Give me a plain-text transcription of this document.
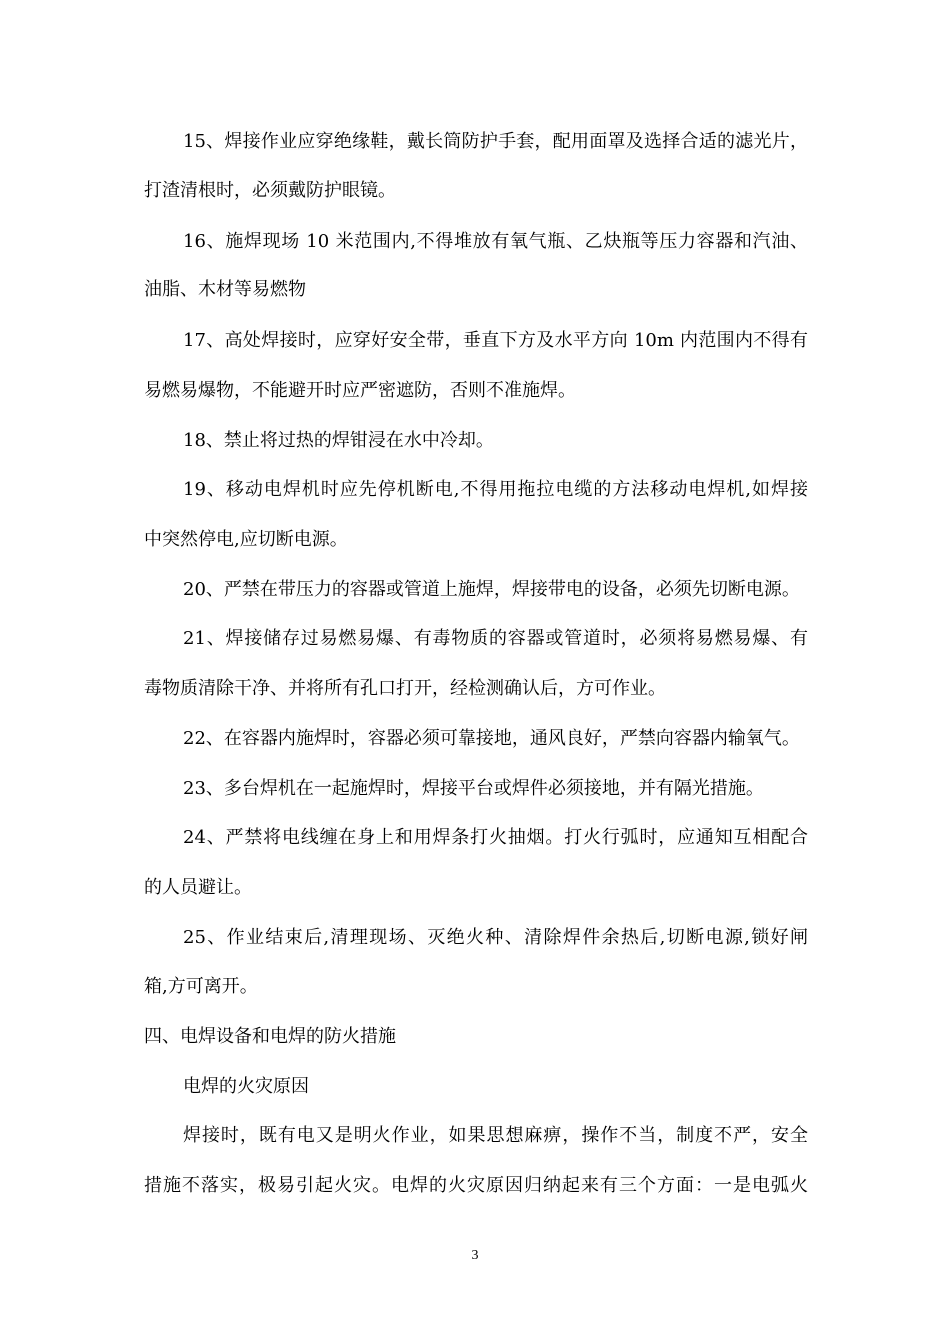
15、焊接作业应穿绝缘鞋，戴长筒防护手套，配用面罩及选择合适的滤光片，
打渣清根时，必须戴防护眼镜。
16、施焊现场 10 米范围内,不得堆放有氧气瓶、乙炔瓶等压力容器和汽油、
油脂、木材等易燃物
17、高处焊接时，应穿好安全带，垂直下方及水平方向 10m 内范围内不得有
易燃易爆物，不能避开时应严密遮防，否则不准施焊。
18、禁止将过热的焊钳浸在水中冷却。
19、移动电焊机时应先停机断电,不得用拖拉电缆的方法移动电焊机,如焊接
中突然停电,应切断电源。
20、严禁在带压力的容器或管道上施焊，焊接带电的设备，必须先切断电源。
21、焊接储存过易燃易爆、有毒物质的容器或管道时，必须将易燃易爆、有
毒物质清除干净、并将所有孔口打开，经检测确认后，方可作业。
22、在容器内施焊时，容器必须可靠接地，通风良好，严禁向容器内输氧气。
23、多台焊机在一起施焊时，焊接平台或焊件必须接地，并有隔光措施。
24、严禁将电线缠在身上和用焊条打火抽烟。打火行弧时，应通知互相配合
的人员避让。
25、作业结束后,清理现场、灭绝火种、清除焊件余热后,切断电源,锁好闸
箱,方可离开。
四、电焊设备和电焊的防火措施
电焊的火灾原因
焊接时，既有电又是明火作业，如果思想麻痹，操作不当，制度不严，安全
措施不落实，极易引起火灾。电焊的火灾原因归纳起来有三个方面：一是电弧火
3
